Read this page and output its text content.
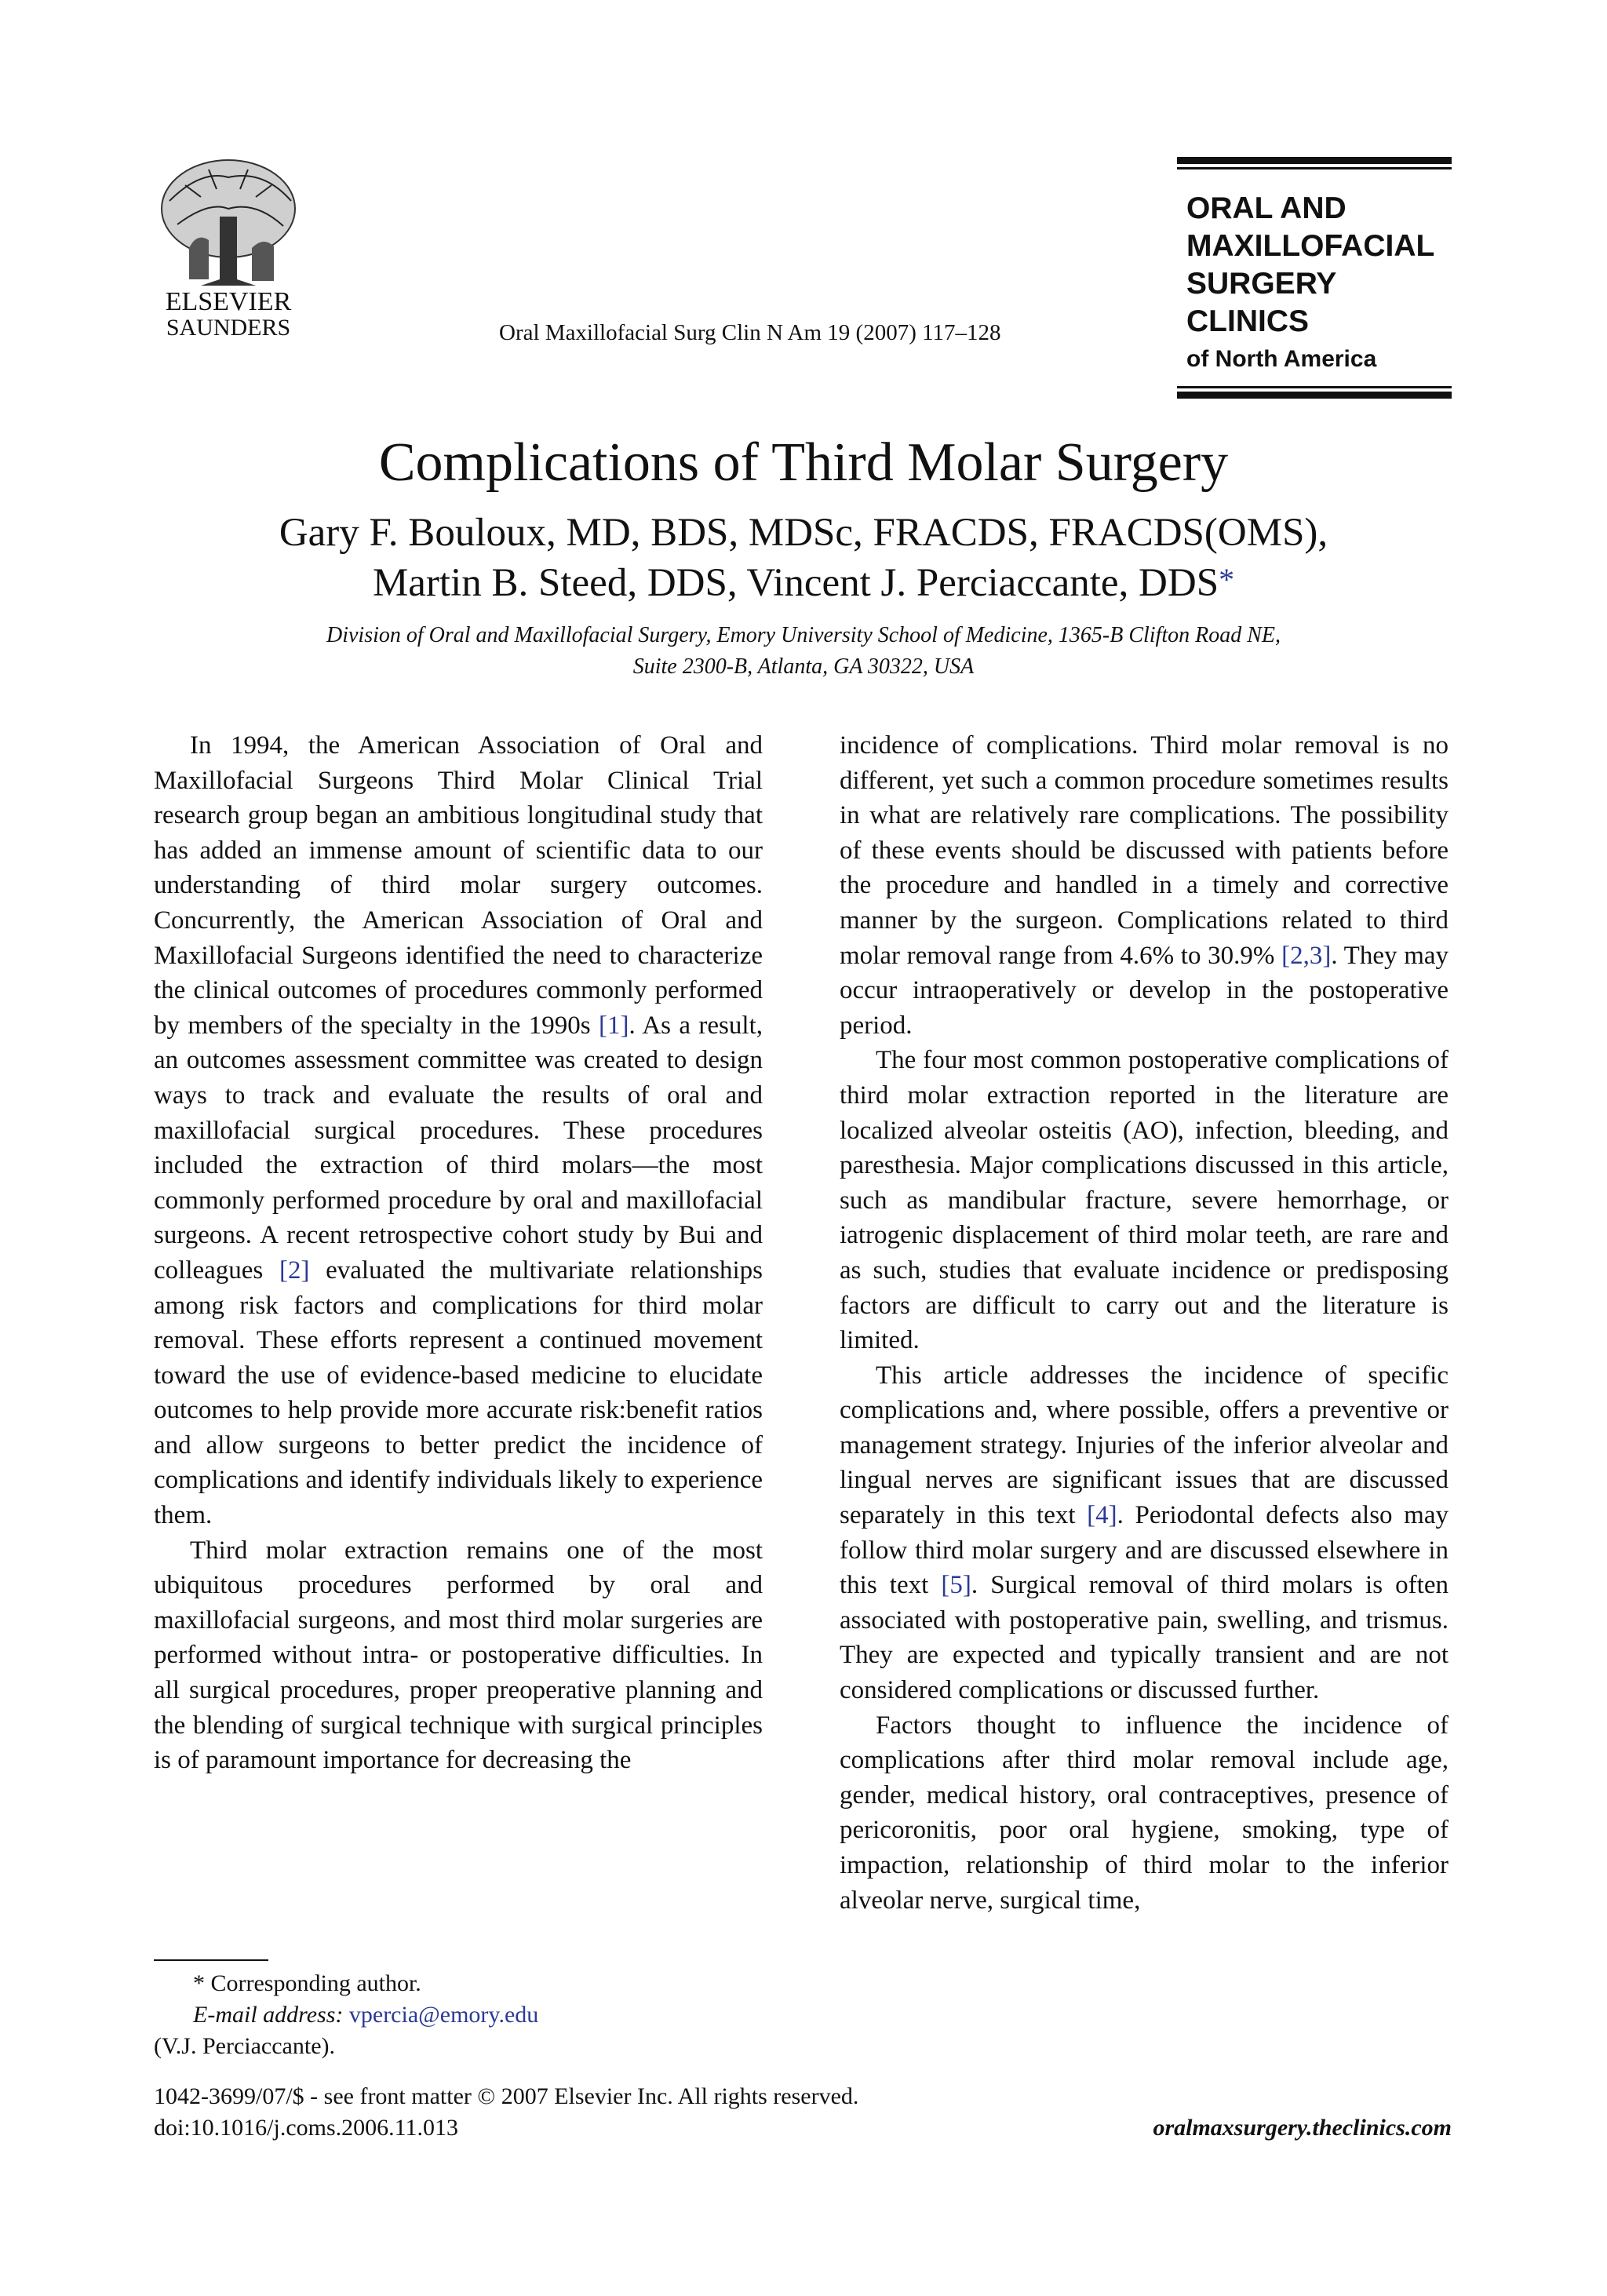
ELSEVIER
SAUNDERS	Oral Maxillofacial Surg Clin N Am 19 (2007) 117–128
ORAL AND
MAXILLOFACIAL
SURGERY CLINICS
of North America
Complications of Third Molar Surgery
Gary F. Bouloux, MD, BDS, MDSc, FRACDS, FRACDS(OMS),
Martin B. Steed, DDS, Vincent J. Perciaccante, DDS*
Division of Oral and Maxillofacial Surgery, Emory University School of Medicine, 1365-B Clifton Road NE,
Suite 2300-B, Atlanta, GA 30322, USA

In 1994, the American Association of Oral and Maxillofacial Surgeons Third Molar Clinical Trial research group began an ambitious longitudinal study that has added an immense amount of scientific data to our understanding of third molar surgery outcomes. Concurrently, the American Association of Oral and Maxillofacial Surgeons identified the need to characterize the clinical outcomes of procedures commonly performed by members of the specialty in the 1990s [1]. As a result, an outcomes assessment committee was created to design ways to track and evaluate the results of oral and maxillofacial surgical procedures. These procedures included the extraction of third molars—the most commonly performed procedure by oral and maxillofacial surgeons. A recent retrospective cohort study by Bui and colleagues [2] evaluated the multivariate relationships among risk factors and complications for third molar removal. These efforts represent a continued movement toward the use of evidence-based medicine to elucidate outcomes to help provide more accurate risk:benefit ratios and allow surgeons to better predict the incidence of complications and identify individuals likely to experience them.

Third molar extraction remains one of the most ubiquitous procedures performed by oral and maxillofacial surgeons, and most third molar surgeries are performed without intra- or postoperative difficulties. In all surgical procedures, proper preoperative planning and the blending of surgical technique with surgical principles is of paramount importance for decreasing the

incidence of complications. Third molar removal is no different, yet such a common procedure sometimes results in what are relatively rare complications. The possibility of these events should be discussed with patients before the procedure and handled in a timely and corrective manner by the surgeon. Complications related to third molar removal range from 4.6% to 30.9% [2,3]. They may occur intraoperatively or develop in the postoperative period.

The four most common postoperative complications of third molar extraction reported in the literature are localized alveolar osteitis (AO), infection, bleeding, and paresthesia. Major complications discussed in this article, such as mandibular fracture, severe hemorrhage, or iatrogenic displacement of third molar teeth, are rare and as such, studies that evaluate incidence or predisposing factors are difficult to carry out and the literature is limited.

This article addresses the incidence of specific complications and, where possible, offers a preventive or management strategy. Injuries of the inferior alveolar and lingual nerves are significant issues that are discussed separately in this text [4]. Periodontal defects also may follow third molar surgery and are discussed elsewhere in this text [5]. Surgical removal of third molars is often associated with postoperative pain, swelling, and trismus. They are expected and typically transient and are not considered complications or discussed further.

Factors thought to influence the incidence of complications after third molar removal include age, gender, medical history, oral contraceptives, presence of pericoronitis, poor oral hygiene, smoking, type of impaction, relationship of third molar to the inferior alveolar nerve, surgical time,

* Corresponding author.
E-mail address: vpercia@emory.edu
(V.J. Perciaccante).
1042-3699/07/$ - see front matter © 2007 Elsevier Inc. All rights reserved.
doi:10.1016/j.coms.2006.11.013	oralmaxsurgery.theclinics.com
